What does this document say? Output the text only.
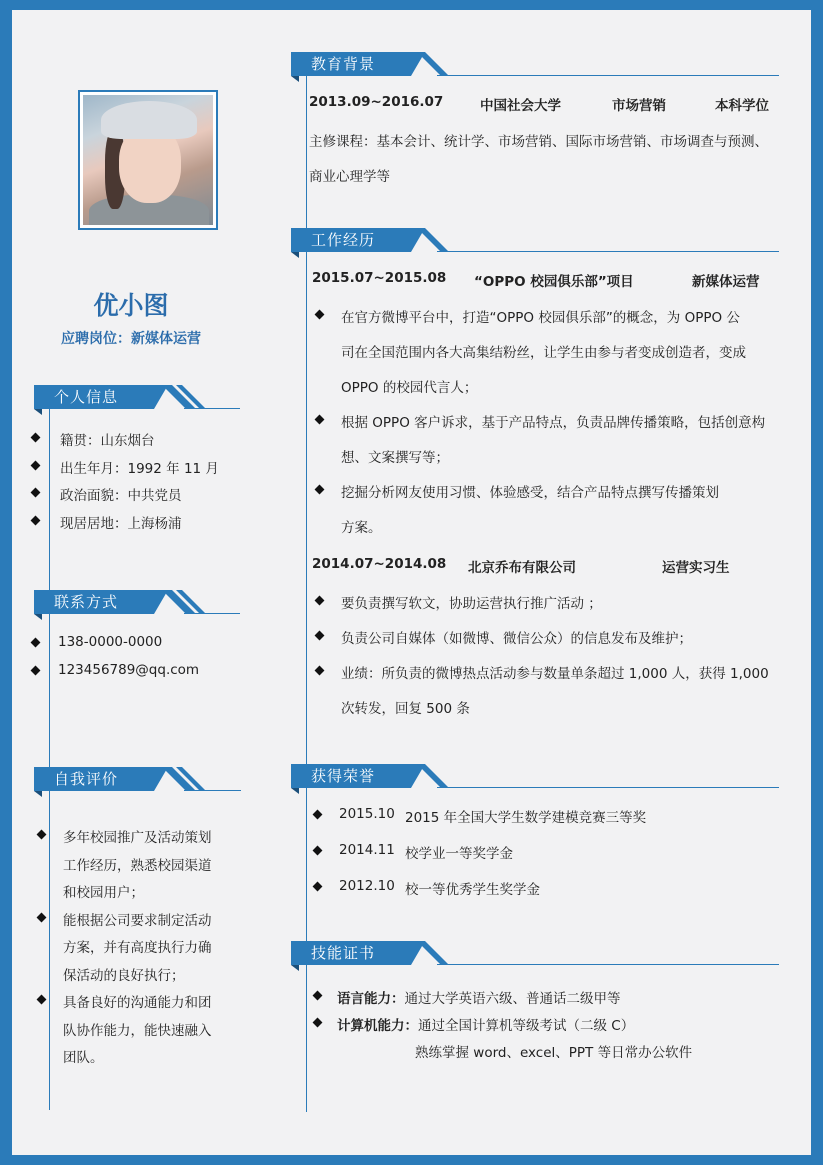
优小图
应聘岗位：新媒体运营
个人信息
籍贯：山东烟台
出生年月：1992 年 11 月
政治面貌：中共党员
现居居地：上海杨浦
联系方式
138-0000-0000
123456789@qq.com
自我评价
多年校园推广及活动策划
工作经历，熟悉校园渠道
和校园用户；
能根据公司要求制定活动
方案，并有高度执行力确
保活动的良好执行；
具备良好的沟通能力和团
队协作能力，能快速融入
团队。
教育背景
2013.09~2016.07	中国社会大学	市场营销	本科学位
主修课程：基本会计、统计学、市场营销、国际市场营销、市场调查与预测、
商业心理学等
工作经历
2015.07~2015.08 “OPPO 校园俱乐部”项目	新媒体运营
在官方微博平台中，打造“OPPO 校园俱乐部”的概念，为 OPPO 公
司在全国范围内各大高集结粉丝，让学生由参与者变成创造者，变成
OPPO 的校园代言人；
根据 OPPO 客户诉求，基于产品特点，负责品牌传播策略，包括创意构
想、文案撰写等；
挖掘分析网友使用习惯、体验感受，结合产品特点撰写传播策划
方案。
2014.07~2014.08 北京乔布有限公司	运营实习生
要负责撰写软文，协助运营执行推广活动 ；
负责公司自媒体（如微博、微信公众）的信息发布及维护；
业绩：所负责的微博热点活动参与数量单条超过 1,000 人，获得 1,000
次转发，回复 500 条
获得荣誉
2015.10 2015 年全国大学生数学建模竞赛三等奖
2014.11 校学业一等奖学金
2012.10 校一等优秀学生奖学金
技能证书
语言能力：通过大学英语六级、普通话二级甲等
计算机能力：通过全国计算机等级考试（二级 C）
熟练掌握 word、excel、PPT 等日常办公软件
